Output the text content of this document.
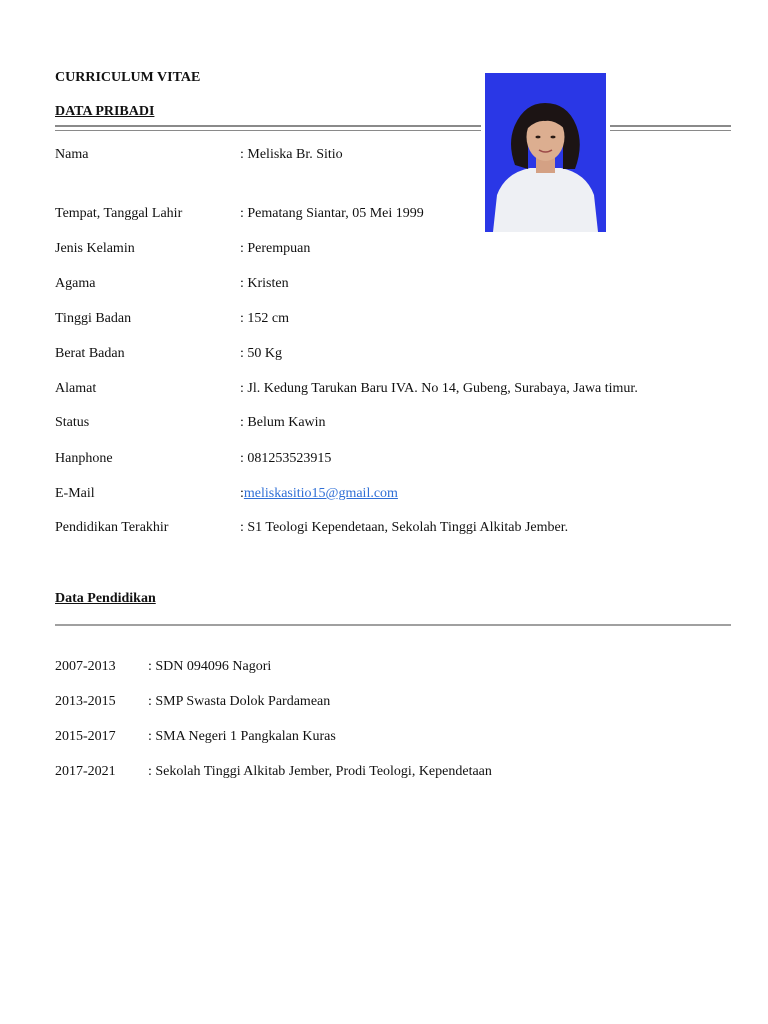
CURRICULUM VITAE
DATA PRIBADI
Nama	: Meliska Br. Sitio
Tempat, Tanggal Lahir	: Pematang Siantar, 05 Mei 1999
Jenis Kelamin	: Perempuan
Agama	: Kristen
Tinggi Badan	: 152 cm
Berat Badan	: 50 Kg
Alamat	: Jl. Kedung Tarukan Baru IVA. No 14, Gubeng, Surabaya, Jawa timur.
Status	: Belum Kawin
Hanphone	: 081253523915
E-Mail	:meliskasitio15@gmail.com
Pendidikan Terakhir	: S1 Teologi Kependetaan, Sekolah Tinggi Alkitab Jember.
Data Pendidikan
2007-2013 : SDN 094096 Nagori
2013-2015 : SMP Swasta Dolok Pardamean
2015-2017 : SMA Negeri 1 Pangkalan Kuras
2017-2021 : Sekolah Tinggi Alkitab Jember, Prodi Teologi, Kependetaan
